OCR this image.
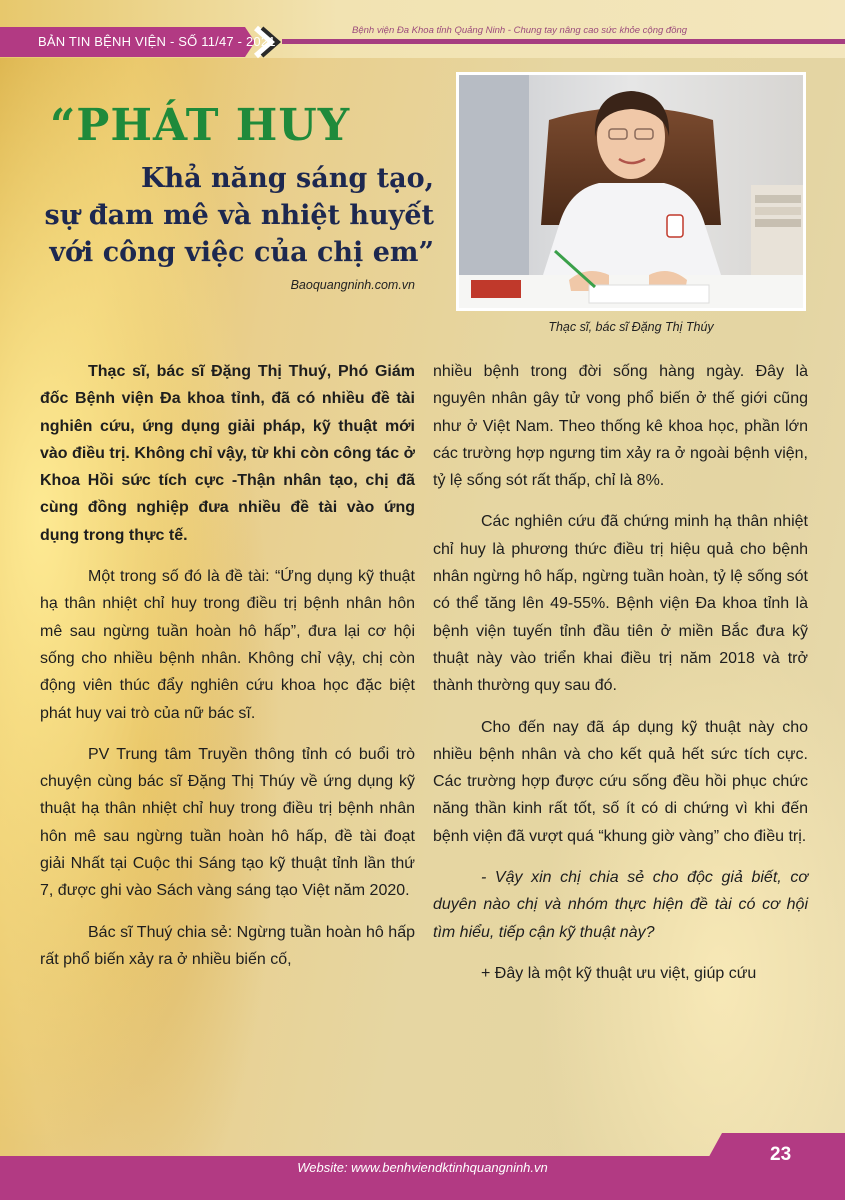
BẢN TIN BỆNH VIỆN - SỐ 11/47 - 2021
Bệnh viện Đa Khoa tỉnh Quảng Ninh - Chung tay nâng cao sức khỏe cộng đồng
“PHÁT HUY
Khả năng sáng tạo,
sự đam mê và nhiệt huyết
với công việc của chị em”
Baoquangninh.com.vn
Thạc sĩ, bác sĩ Đặng Thị Thúy

Thạc sĩ, bác sĩ Đặng Thị Thuý, Phó Giám đốc Bệnh viện Đa khoa tỉnh, đã có nhiều đề tài nghiên cứu, ứng dụng giải pháp, kỹ thuật mới vào điều trị. Không chỉ vậy, từ khi còn công tác ở Khoa Hồi sức tích cực -Thận nhân tạo, chị đã cùng đồng nghiệp đưa nhiều đề tài vào ứng dụng trong thực tế.

Một trong số đó là đề tài: “Ứng dụng kỹ thuật hạ thân nhiệt chỉ huy trong điều trị bệnh nhân hôn mê sau ngừng tuần hoàn hô hấp”, đưa lại cơ hội sống cho nhiều bệnh nhân. Không chỉ vậy, chị còn động viên thúc đẩy nghiên cứu khoa học đặc biệt phát huy vai trò của nữ bác sĩ.

PV Trung tâm Truyền thông tỉnh có buổi trò chuyện cùng bác sĩ Đặng Thị Thúy về ứng dụng kỹ thuật hạ thân nhiệt chỉ huy trong điều trị bệnh nhân hôn mê sau ngừng tuần hoàn hô hấp, đề tài đoạt giải Nhất tại Cuộc thi Sáng tạo kỹ thuật tỉnh lần thứ 7, được ghi vào Sách vàng sáng tạo Việt năm 2020.

Bác sĩ Thuý chia sẻ: Ngừng tuần hoàn hô hấp rất phổ biến xảy ra ở nhiều biến cố,

nhiều bệnh trong đời sống hàng ngày. Đây là nguyên nhân gây tử vong phổ biến ở thế giới cũng như ở Việt Nam. Theo thống kê khoa học, phần lớn các trường hợp ngưng tim xảy ra ở ngoài bệnh viện, tỷ lệ sống sót rất thấp, chỉ là 8%.

Các nghiên cứu đã chứng minh hạ thân nhiệt chỉ huy là phương thức điều trị hiệu quả cho bệnh nhân ngừng hô hấp, ngừng tuần hoàn, tỷ lệ sống sót có thể tăng lên 49-55%. Bệnh viện Đa khoa tỉnh là bệnh viện tuyến tỉnh đầu tiên ở miền Bắc đưa kỹ thuật này vào triển khai điều trị năm 2018 và trở thành thường quy sau đó.

Cho đến nay đã áp dụng kỹ thuật này cho nhiều bệnh nhân và cho kết quả hết sức tích cực. Các trường hợp được cứu sống đều hồi phục chức năng thần kinh rất tốt, số ít có di chứng vì khi đến bệnh viện đã vượt quá “khung giờ vàng” cho điều trị.

- Vậy xin chị chia sẻ cho độc giả biết, cơ duyên nào chị và nhóm thực hiện đề tài có cơ hội tìm hiểu, tiếp cận kỹ thuật này?

+ Đây là một kỹ thuật ưu việt, giúp cứu

23
Website: www.benhviendktinhquangninh.vn
